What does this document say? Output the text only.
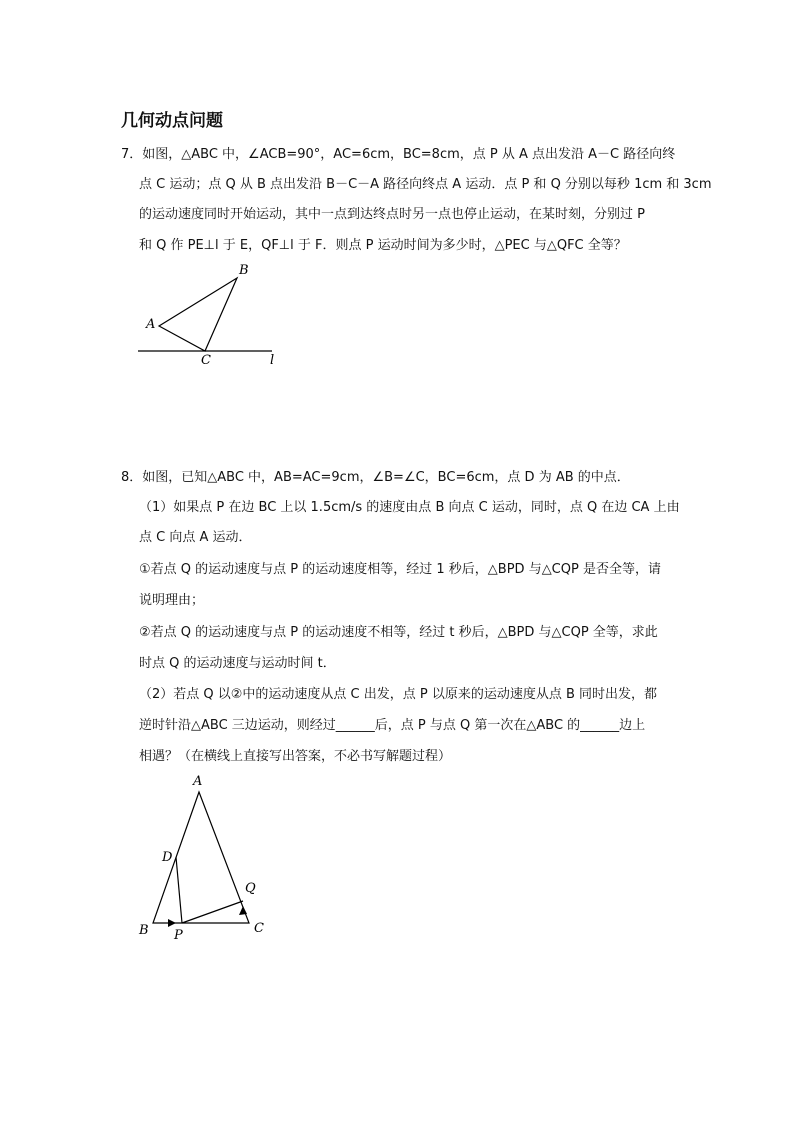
几何动点问题
7．如图，△ABC 中，∠ACB=90°，AC=6cm，BC=8cm，点 P 从 A 点出发沿 A－C 路径向终
点 C 运动；点 Q 从 B 点出发沿 B－C－A 路径向终点 A 运动．点 P 和 Q 分别以每秒 1cm 和 3cm
的运动速度同时开始运动，其中一点到达终点时另一点也停止运动，在某时刻，分别过 P
和 Q 作 PE⊥l 于 E，QF⊥l 于 F．则点 P 运动时间为多少时，△PEC 与△QFC 全等？
B
A
C	l
8．如图，已知△ABC 中，AB=AC=9cm，∠B=∠C，BC=6cm，点 D 为 AB 的中点．
（1）如果点 P 在边 BC 上以 1.5cm/s 的速度由点 B 向点 C 运动，同时，点 Q 在边 CA 上由
点 C 向点 A 运动．
①若点 Q 的运动速度与点 P 的运动速度相等，经过 1 秒后，△BPD 与△CQP 是否全等，请
说明理由；
②若点 Q 的运动速度与点 P 的运动速度不相等，经过 t 秒后，△BPD 与△CQP 全等，求此
时点 Q 的运动速度与运动时间 t．
（2）若点 Q 以②中的运动速度从点 C 出发，点 P 以原来的运动速度从点 B 同时出发，都
逆时针沿△ABC 三边运动，则经过______后，点 P 与点 Q 第一次在△ABC 的______边上
相遇？（在横线上直接写出答案，不必书写解题过程）
A
D
Q
B P	C
